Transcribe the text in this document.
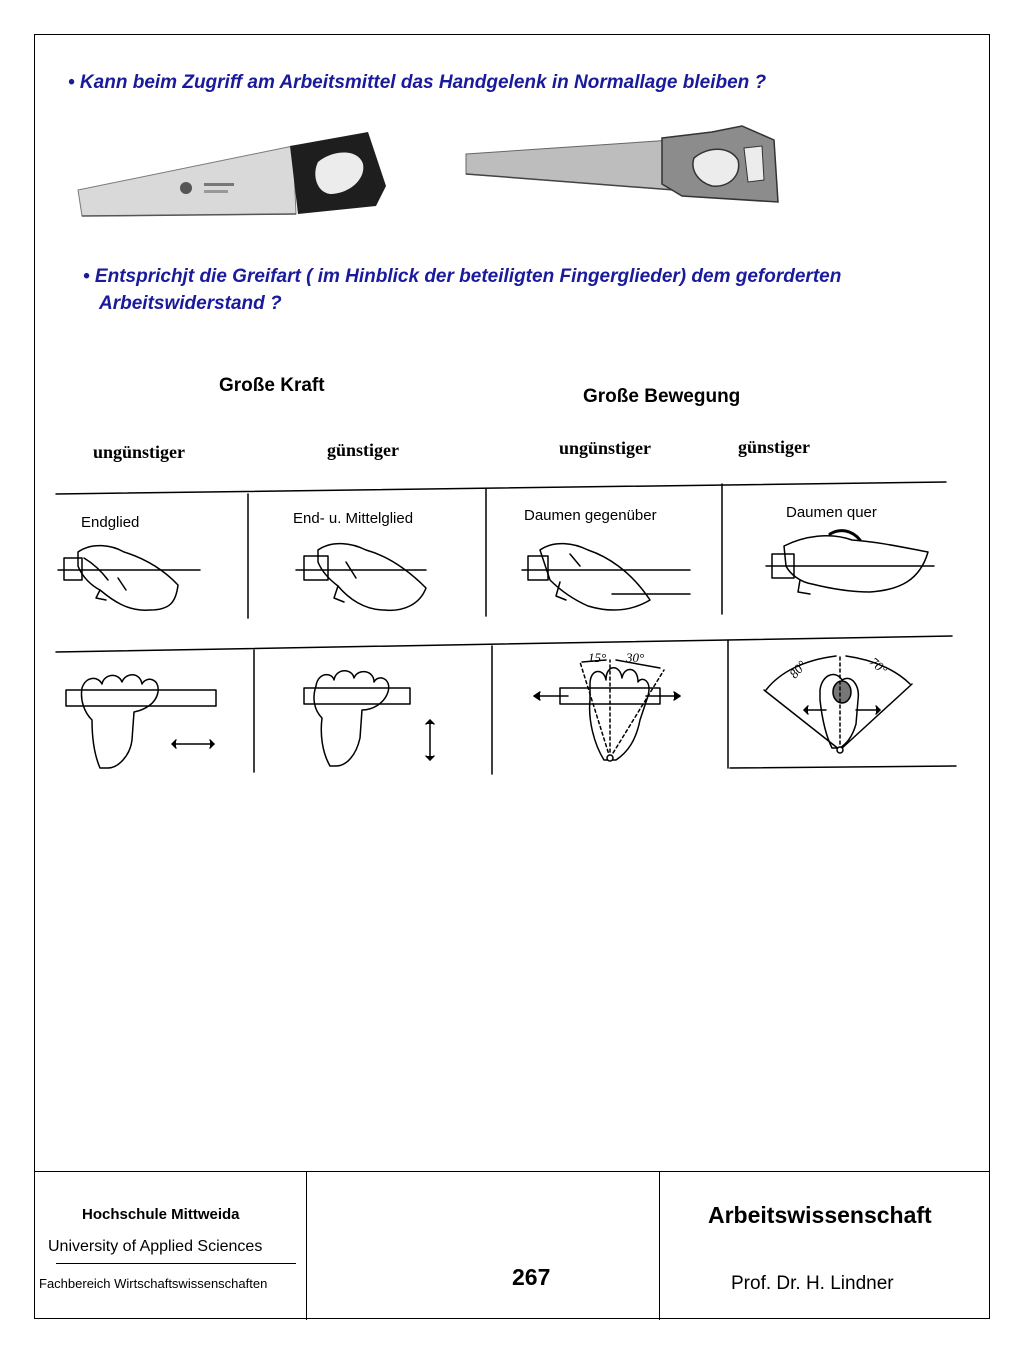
• Kann beim Zugriff am Arbeitsmittel das Handgelenk in Normallage bleiben ?
• Entsprichjt die Greifart ( im Hinblick der beteiligten Fingerglieder) dem geforderten
Arbeitswiderstand ?
Große Kraft
Große Bewegung
ungünstiger	günstiger	ungünstiger	günstiger
15° 30°
80°	70°
Endglied	End- u. Mittelglied	Daumen gegenüber	Daumen quer
Hochschule Mittweida
University of Applied Sciences
Fachbereich Wirtschaftswissenschaften	267
Arbeitswissenschaft
Prof. Dr. H. Lindner
